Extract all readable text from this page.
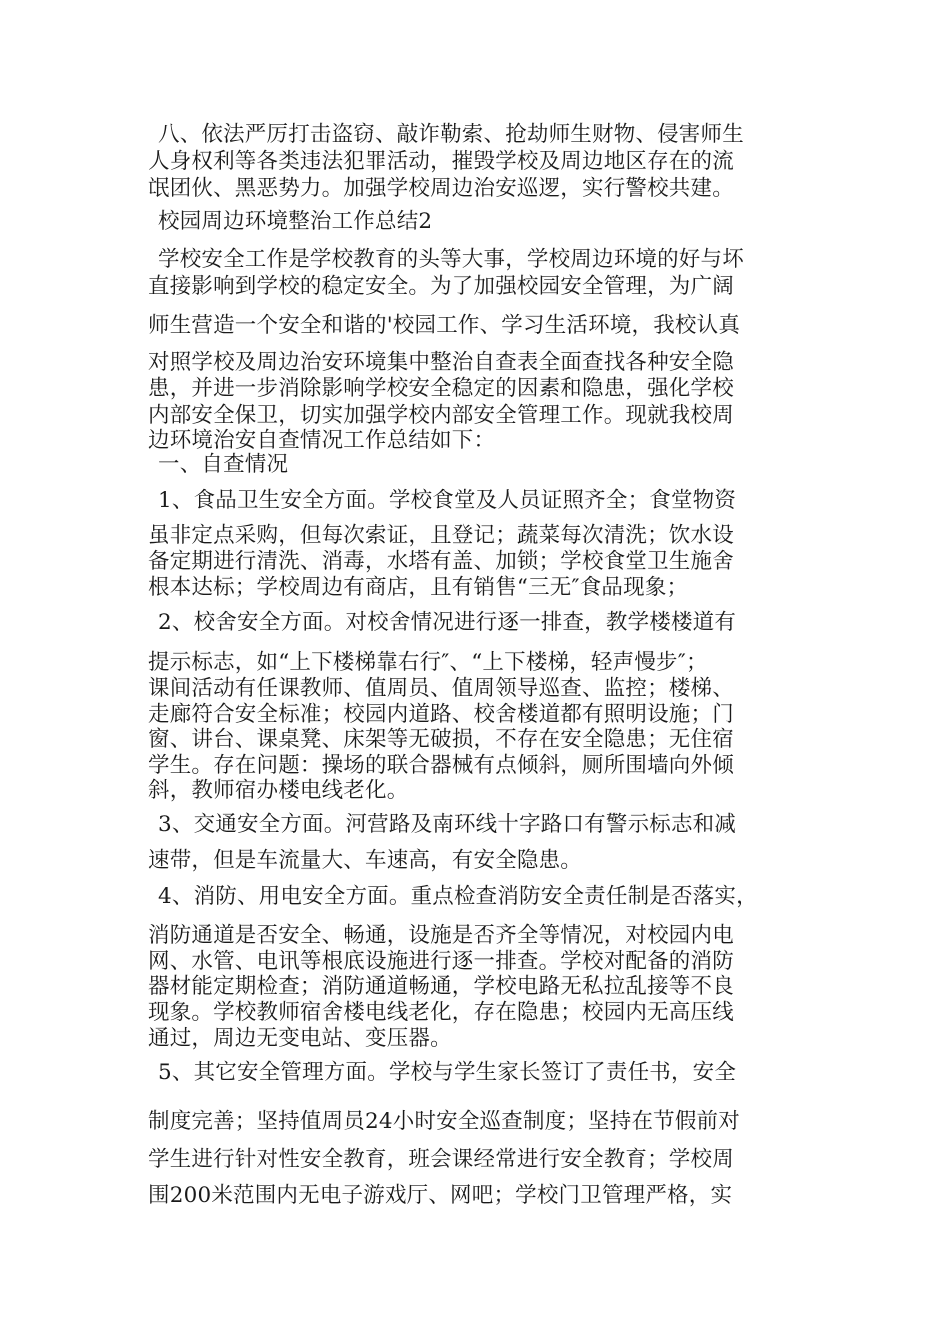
八、依法严厉打击盗窃、敲诈勒索、抢劫师生财物、侵害师生
人身权利等各类违法犯罪活动，摧毁学校及周边地区存在的流
氓团伙、黑恶势力。加强学校周边治安巡逻，实行警校共建。
校园周边环境整治工作总结2
学校安全工作是学校教育的头等大事，学校周边环境的好与坏
直接影响到学校的稳定安全。为了加强校园安全管理，为广阔
师生营造一个安全和谐的'校园工作、学习生活环境，我校认真
对照学校及周边治安环境集中整治自查表全面查找各种安全隐
患，并进一步消除影响学校安全稳定的因素和隐患，强化学校
内部安全保卫，切实加强学校内部安全管理工作。现就我校周
边环境治安自查情况工作总结如下：
一、自查情况
1、食品卫生安全方面。学校食堂及人员证照齐全；食堂物资
虽非定点采购，但每次索证，且登记；蔬菜每次清洗；饮水设
备定期进行清洗、消毒，水塔有盖、加锁；学校食堂卫生施舍
根本达标；学校周边有商店，且有销售“三无″食品现象；
2、校舍安全方面。对校舍情况进行逐一排查，教学楼楼道有
提示标志，如“上下楼梯靠右行″、“上下楼梯，轻声慢步″；
课间活动有任课教师、值周员、值周领导巡查、监控；楼梯、
走廊符合安全标准；校园内道路、校舍楼道都有照明设施；门
窗、讲台、课桌凳、床架等无破损，不存在安全隐患；无住宿
学生。存在问题：操场的联合器械有点倾斜，厕所围墙向外倾
斜，教师宿办楼电线老化。
3、交通安全方面。河营路及南环线十字路口有警示标志和减
速带，但是车流量大、车速高，有安全隐患。
4、消防、用电安全方面。重点检查消防安全责任制是否落实，
消防通道是否安全、畅通，设施是否齐全等情况，对校园内电
网、水管、电讯等根底设施进行逐一排查。学校对配备的消防
器材能定期检查；消防通道畅通，学校电路无私拉乱接等不良
现象。学校教师宿舍楼电线老化，存在隐患；校园内无高压线
通过，周边无变电站、变压器。
5、其它安全管理方面。学校与学生家长签订了责任书，安全
制度完善；坚持值周员24小时安全巡查制度；坚持在节假前对
学生进行针对性安全教育，班会课经常进行安全教育；学校周
围200米范围内无电子游戏厅、网吧；学校门卫管理严格，实
